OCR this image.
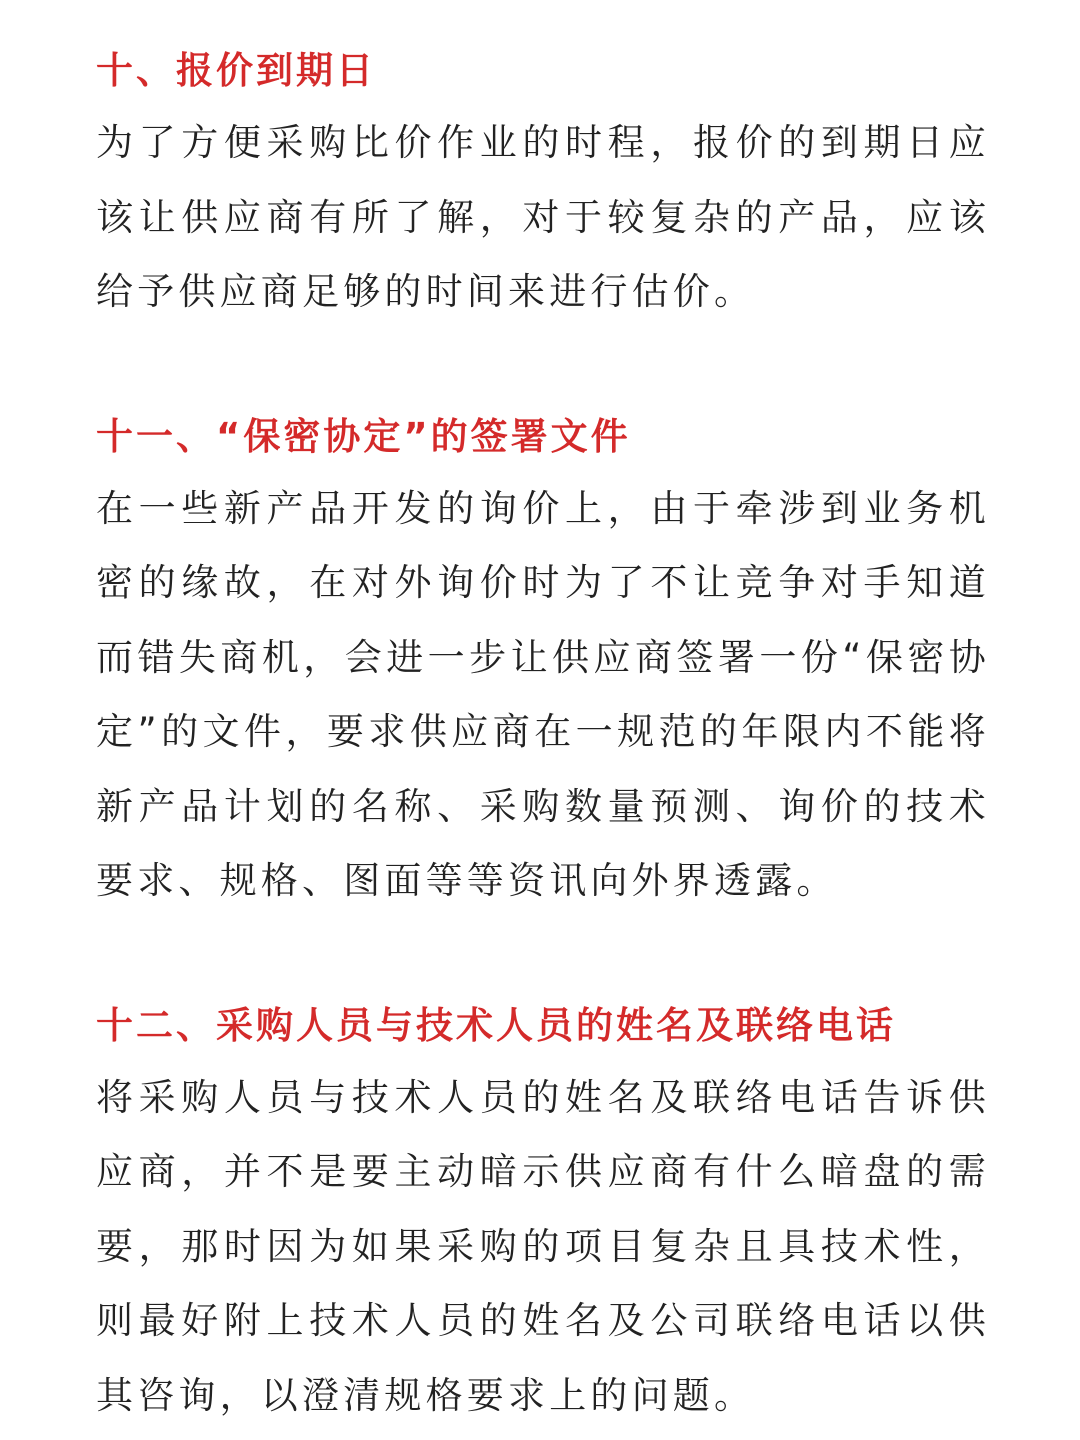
十、报价到期日

为了方便采购比价作业的时程，报价的到期日应该让供应商有所了解，对于较复杂的产品，应该给予供应商足够的时间来进行估价。

十一、“保密协定”的签署文件

在一些新产品开发的询价上，由于牵涉到业务机密的缘故，在对外询价时为了不让竞争对手知道而错失商机，会进一步让供应商签署一份“保密协定”的文件，要求供应商在一规范的年限内不能将新产品计划的名称、采购数量预测、询价的技术要求、规格、图面等等资讯向外界透露。

十二、采购人员与技术人员的姓名及联络电话

将采购人员与技术人员的姓名及联络电话告诉供应商，并不是要主动暗示供应商有什么暗盘的需要，那时因为如果采购的项目复杂且具技术性，则最好附上技术人员的姓名及公司联络电话以供其咨询，以澄清规格要求上的问题。
